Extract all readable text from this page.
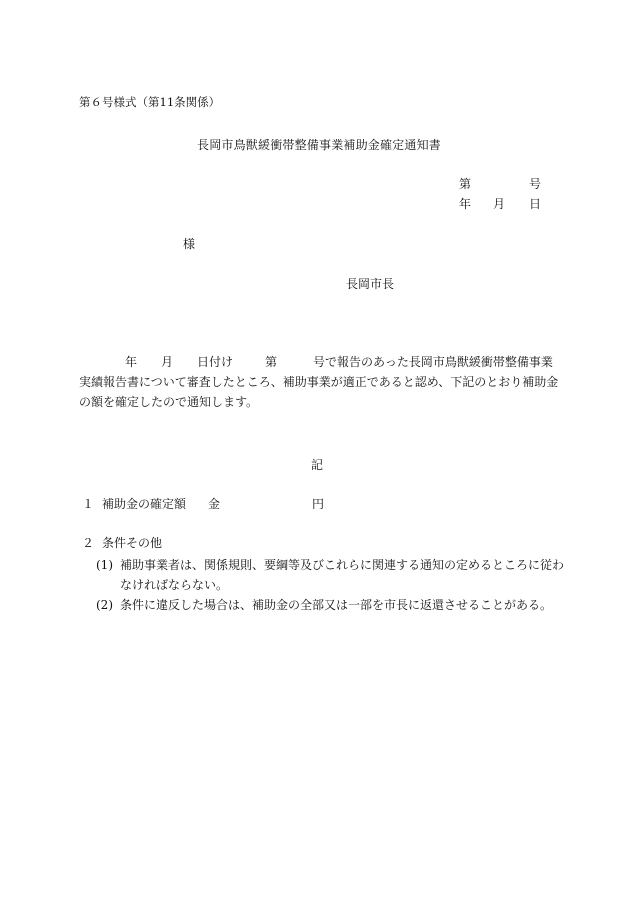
第６号様式（第11条関係）
長岡市鳥獣緩衝帯整備事業補助金確定通知書
第	号
年 月 日
様
長岡市長
年 月 日付け	第	号で報告のあった長岡市鳥獣緩衝帯整備事業
実績報告書について審査したところ、補助事業が適正であると認め、下記のとおり補助金
の額を確定したので通知します。
記
１ 補助金の確定額 金	円
２ 条件その他
(1) 補助事業者は、関係規則、要綱等及びこれらに関連する通知の定めるところに従わ
なければならない。
(2) 条件に違反した場合は、補助金の全部又は一部を市長に返還させることがある。
